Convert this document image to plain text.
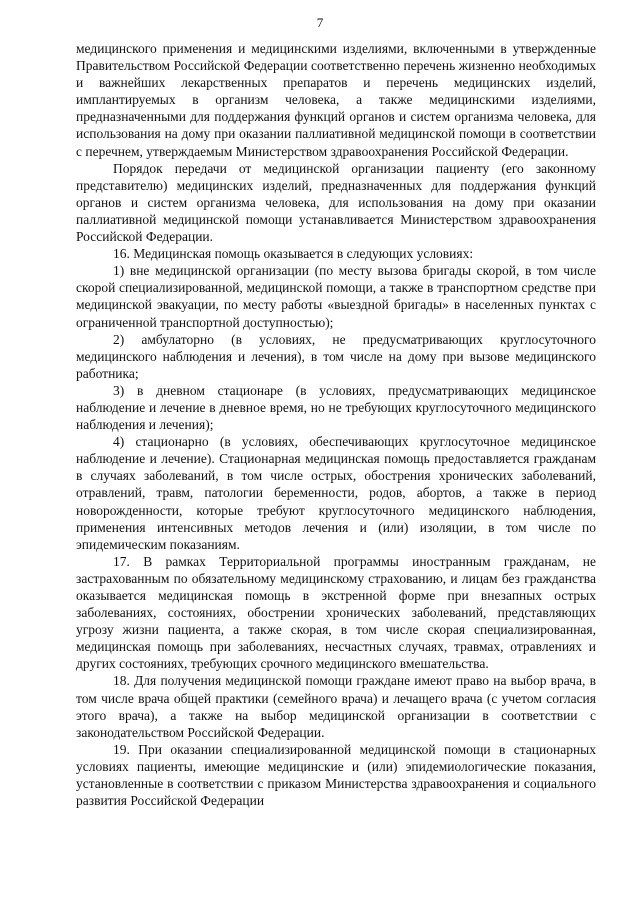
7

медицинского применения и медицинскими изделиями, включенными в утвержденные Правительством Российской Федерации соответственно перечень жизненно необходимых и важнейших лекарственных препаратов и перечень медицинских изделий, имплантируемых в организм человека, а также медицинскими изделиями, предназначенными для поддержания функций органов и систем организма человека, для использования на дому при оказании паллиативной медицинской помощи в соответствии с перечнем, утверждаемым Министерством здравоохранения Российской Федерации.

Порядок передачи от медицинской организации пациенту (его законному представителю) медицинских изделий, предназначенных для поддержания функций органов и систем организма человека, для использования на дому при оказании паллиативной медицинской помощи устанавливается Министерством здравоохранения Российской Федерации.

16. Медицинская помощь оказывается в следующих условиях:

1) вне медицинской организации (по месту вызова бригады скорой, в том числе скорой специализированной, медицинской помощи, а также в транспортном средстве при медицинской эвакуации, по месту работы «выездной бригады» в населенных пунктах с ограниченной транспортной доступностью);

2) амбулаторно (в условиях, не предусматривающих круглосуточного медицинского наблюдения и лечения), в том числе на дому при вызове медицинского работника;

3) в дневном стационаре (в условиях, предусматривающих медицинское наблюдение и лечение в дневное время, но не требующих круглосуточного медицинского наблюдения и лечения);

4) стационарно (в условиях, обеспечивающих круглосуточное медицинское наблюдение и лечение). Стационарная медицинская помощь предоставляется гражданам в случаях заболеваний, в том числе острых, обострения хронических заболеваний, отравлений, травм, патологии беременности, родов, абортов, а также в период новорожденности, которые требуют круглосуточного медицинского наблюдения, применения интенсивных методов лечения и (или) изоляции, в том числе по эпидемическим показаниям.

17. В рамках Территориальной программы иностранным гражданам, не застрахованным по обязательному медицинскому страхованию, и лицам без гражданства оказывается медицинская помощь в экстренной форме при внезапных острых заболеваниях, состояниях, обострении хронических заболеваний, представляющих угрозу жизни пациента, а также скорая, в том числе скорая специализированная, медицинская помощь при заболеваниях, несчастных случаях, травмах, отравлениях и других состояниях, требующих срочного медицинского вмешательства.

18. Для получения медицинской помощи граждане имеют право на выбор врача, в том числе врача общей практики (семейного врача) и лечащего врача (с учетом согласия этого врача), а также на выбор медицинской организации в соответствии с законодательством Российской Федерации.

19. При оказании специализированной медицинской помощи в стационарных условиях пациенты, имеющие медицинские и (или) эпидемиологические показания, установленные в соответствии с приказом Министерства здравоохранения и социального развития Российской Федерации
